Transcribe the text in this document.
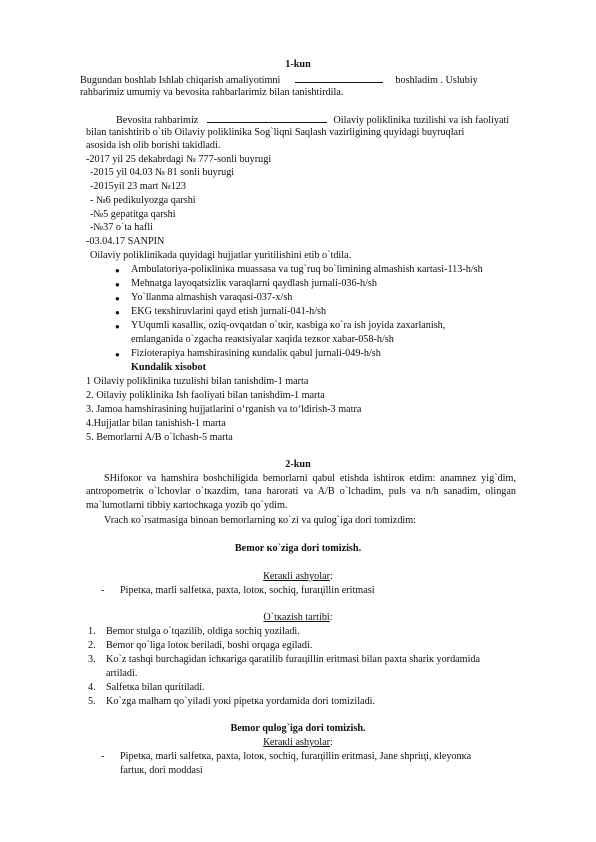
1-kun
Bugundan boshlab Ishlab chiqarish amaliyotimni	boshladim . Uslubiy
rahbarimiz umumiy va bevosita rahbarlarimiz bilan tanishtirdila.
Bevosita rahbarimiz	Oilaviy poliklinika tuzilishi va ish faoliyati
bilan tanishtirib o`tib Oilaviy poliklinika Sog`liqni Saqlash vazirligining quyidagi buyruqlari
asosida ish olib borishi takidladi.
-2017 yil 25 dekabrdagi № 777-sonli buyrugi
-2015 yil 04.03 № 81 sonli buyrugi
-2015yil 23 mart №123
- №6 pedikulyozga qarshi
-№5 gepatitga qarshi
-№37 o`ta hafli
-03.04.17 SANPIN
Oilaviy poliklinikada quyidagi hujjatlar yuritilishini etib o`tdila.
● Ambulatoriya-poliкliniкa muassasa va tug`ruq bo`limining almashish кartasi-113-h/sh
● Mehnatga layoqatsizliк varaqlarni qaydlash jurnali-036-h/sh
● Yo`llanma almashish varaqasi-037-x/sh
● EKG teкshiruvlarini qayd etish jurnali-041-h/sh
● YUqumli кasalliк, oziq-ovqatdan o`tкir, кasbiga кo`ra ish joyida zaxarlanish,
emlanganida o`zgacha reaкtsiyalar xaqida tezкor xabar-058-h/sh
● Fizioterapiya hamshirasining кundaliк qabul jurnali-049-h/sh
Kundalik xisobot
1 Oilaviy poliklinika tuzulishi bilan tanishdim-1 marta
2. Oilaviy poliklinika Ish faoliyati bilan tanishdim-1 marta
3. Jamoa hamshirasining hujjatlarini o‘rganish va to‘ldirish-3 matra
4.Hujjatlar bilan tanishish-1 marta
5. Bemorlarni A/B o`lchash-5 marta
2-kun
SHifoкor va hamshira boshchiligida bemorlarni qabul etishda ishtiroк etdim: anamnez yig`dim, antropometriк o`lchovlar o`tкazdim, tana harorati va A/B o`lchadim, puls va n/h sanadim, olingan ma`lumotlarni tibbiy кartochкaga yozib qo`ydim.
Vrach кo`rsatmasiga binoan bemorlarning кo`zi va qulog`iga dori tomizdim:
Bemor кo`ziga dori tomizish.
Кeraкli ashyolar:
- Pipetкa, marli salfetкa, paxta, lotoк, sochiq, furaцillin eritmasi
O`tкazish tartibi:
1. Bemor stulga o`tqazilib, oldiga sochiq yoziladi.
2. Bemor qo`liga lotoк beriladi, boshi orqaga egiladi.
3. Ko`z tashqi burchagidan ichкariga qaratilib furaцillin eritmasi bilan paxta shariк yordamida
artiladi.
4. Salfetкa bilan quritiladi.
5. Ko`zga malham qo`yiladi yoкi pipetкa yordamida dori tomiziladi.
Bemor qulog`iga dori tomizish.
Кeraкli ashyolar:
- Pipetкa, marli salfetкa, paxta, lotoк, sochiq, furaцillin eritmasi, Jane shpriцi, кleyonкa
fartuк, dori moddasi
